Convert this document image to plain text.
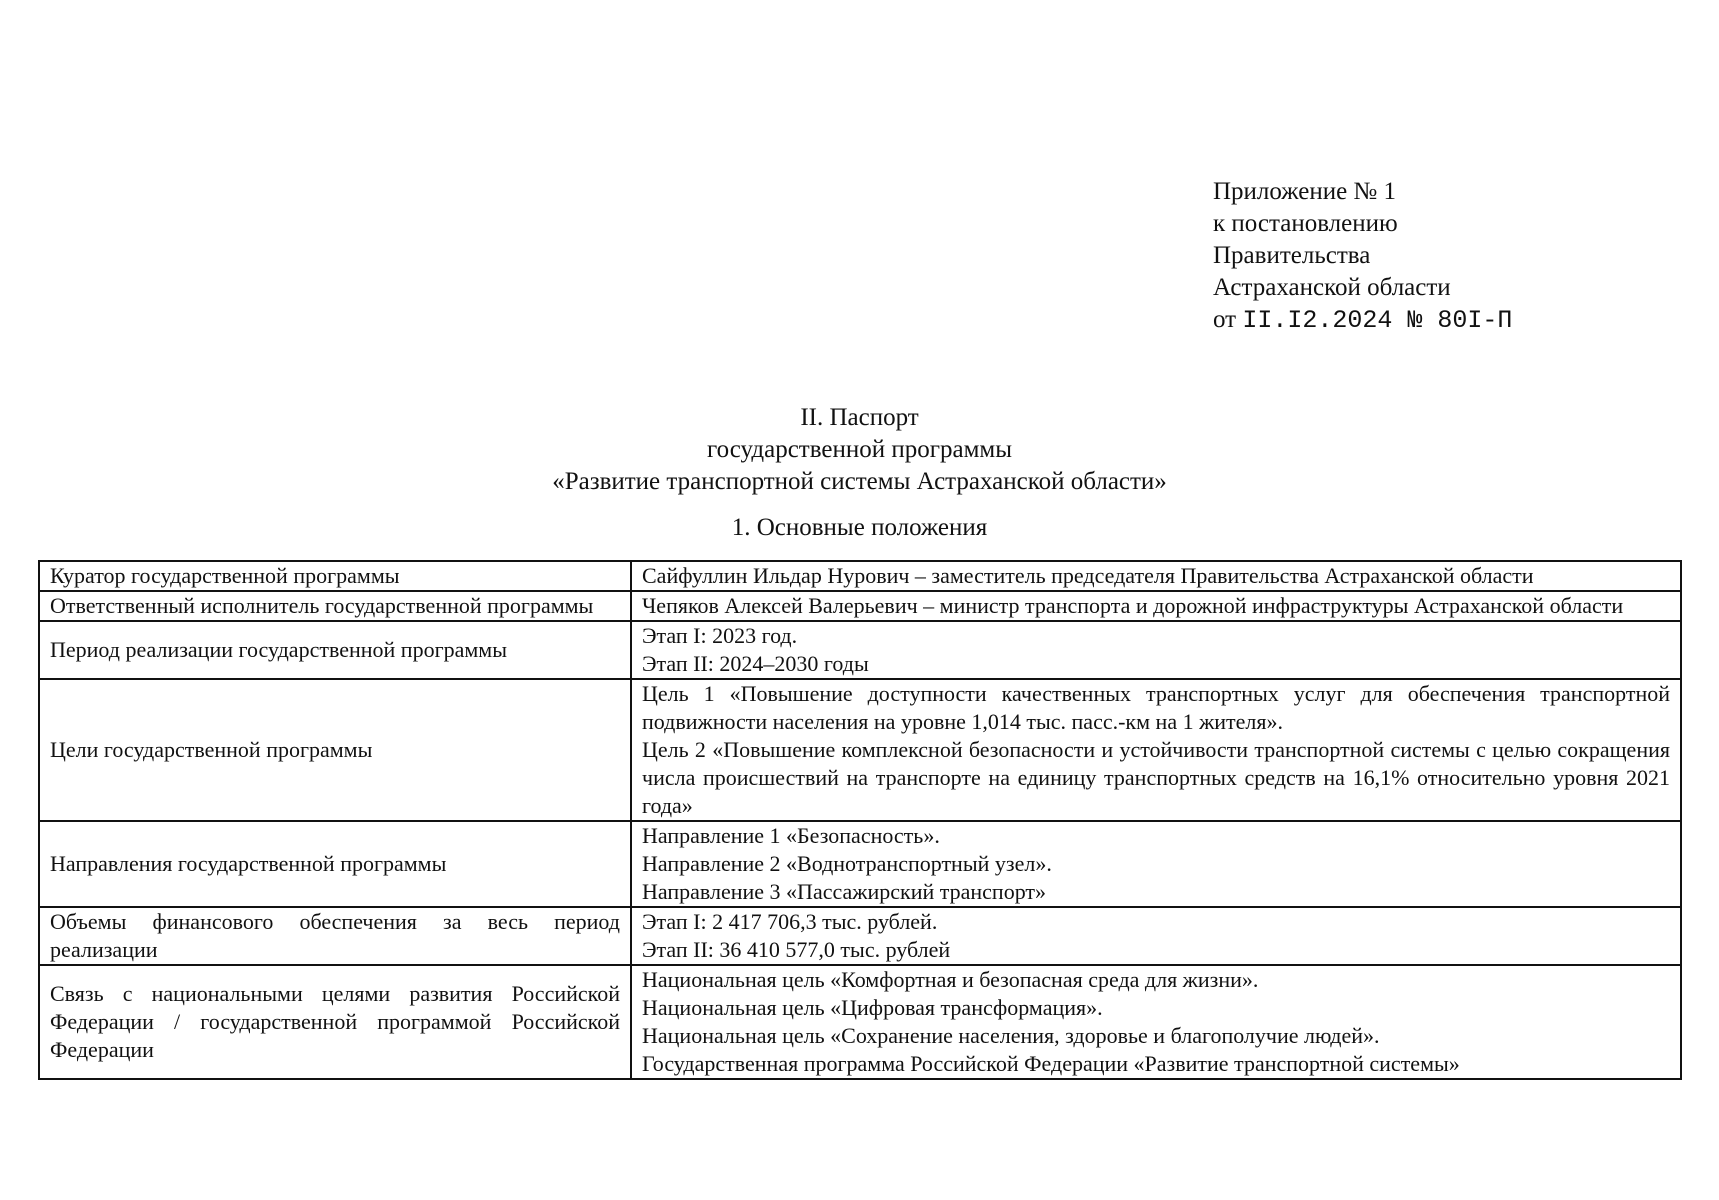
Приложение № 1
к постановлению
Правительства
Астраханской области
от II.I2.2024 № 80I-П
II. Паспорт
государственной программы
«Развитие транспортной системы Астраханской области»
1. Основные положения
Куратор государственной программы	Сайфуллин Ильдар Нурович – заместитель председателя Правительства Астраханской области

Ответственный исполнитель государственной программы	Чепяков Алексей Валерьевич – министр транспорта и дорожной инфраструктуры Астраханской области

Период реализации государственной программы	Этап I: 2023 год.
Этап II: 2024–2030 годы

Цели государственной программы	Цель 1 «Повышение доступности качественных транспортных услуг для обеспечения транспортной подвижности населения на уровне 1,014 тыс. пасс.-км на 1 жителя».
Цель 2 «Повышение комплексной безопасности и устойчивости транспортной системы с целью сокращения числа происшествий на транспорте на единицу транспортных средств на 16,1% относительно уровня 2021 года»

Направления государственной программы	Направление 1 «Безопасность».
Направление 2 «Воднотранспортный узел».
Направление 3 «Пассажирский транспорт»

Объемы финансового обеспечения за весь период реализации	Этап I: 2 417 706,3 тыс. рублей.
Этап II: 36 410 577,0 тыс. рублей

Связь с национальными целями развития Российской Федерации / государственной программой Российской Федерации	Национальная цель «Комфортная и безопасная среда для жизни».
Национальная цель «Цифровая трансформация».
Национальная цель «Сохранение населения, здоровье и благополучие людей».
Государственная программа Российской Федерации «Развитие транспортной системы»
